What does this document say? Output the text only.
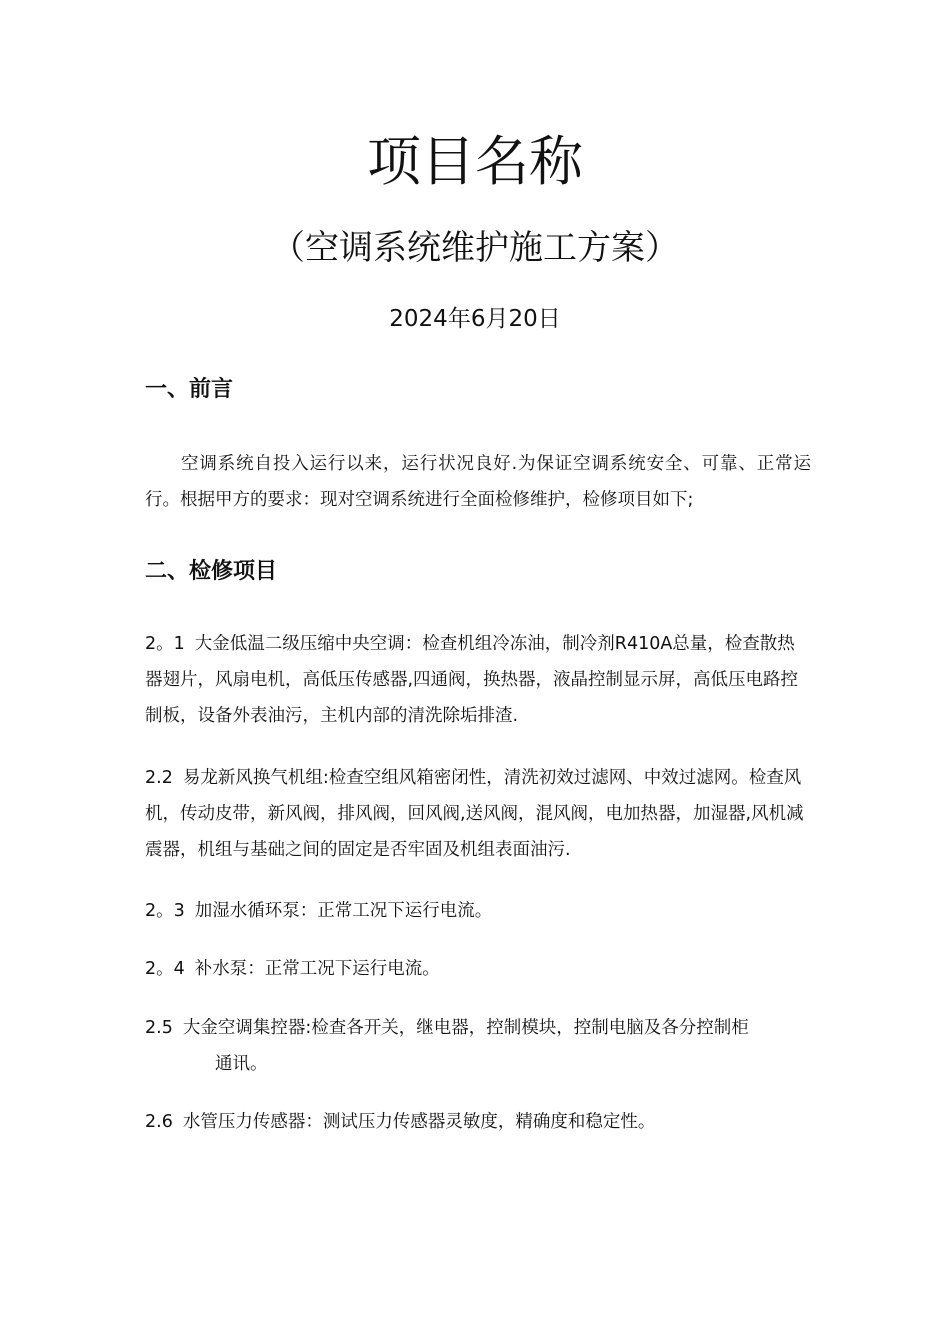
项目名称
（空调系统维护施工方案）
2024年6月20日
一、前言
空调系统自投入运行以来，运行状况良好.为保证空调系统安全、可靠、正常运行。根据甲方的要求：现对空调系统进行全面检修维护，检修项目如下;
二、检修项目
2。1 大金低温二级压缩中央空调：检查机组冷冻油，制冷剂R410A总量，检查散热器翅片，风扇电机，高低压传感器,四通阀，换热器，液晶控制显示屏，高低压电路控制板，设备外表油污，主机内部的清洗除垢排渣.
2.2 易龙新风换气机组:检查空组风箱密闭性，清洗初效过滤网、中效过滤网。检查风机，传动皮带，新风阀，排风阀，回风阀,送风阀，混风阀，电加热器，加湿器,风机减震器，机组与基础之间的固定是否牢固及机组表面油污.
2。3 加湿水循环泵：正常工况下运行电流。
2。4 补水泵：正常工况下运行电流。
2.5 大金空调集控器:检查各开关，继电器，控制模块，控制电脑及各分控制柜
通讯。
2.6 水管压力传感器：测试压力传感器灵敏度，精确度和稳定性。
